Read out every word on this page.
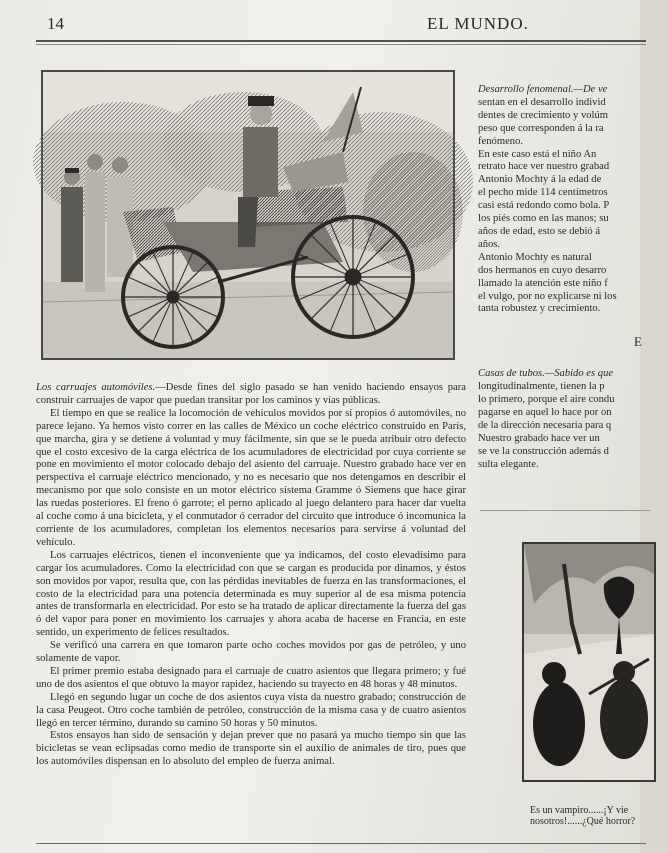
14	EL MUNDO.

Los carruajes automóviles.—Desde fines del siglo pasado se han venido haciendo ensayos para construir carruajes de vapor que puedan transitar por los caminos y vías públicas.

El tiempo en que se realice la locomoción de vehículos movidos por sí propios ó automóviles, no parece lejano. Ya hemos visto correr en las calles de México un coche eléctrico construido en París, que marcha, gira y se detiene á voluntad y muy fácilmente, sin que se le pueda atribuir otro defecto que el costo excesivo de la carga eléctrica de los acumuladores de electricidad por cuya corriente se pone en movimiento el motor colocado debajo del asiento del carruaje. Nuestro grabado hace ver en perspectiva el carruaje eléctrico mencionado, y no es necesario que nos detengamos en describir el mecanismo por que solo consiste en un motor eléctrico sistema Gramme ó Siemens que hace girar las ruedas posteriores. El freno ó garrote; el perno aplicado al juego delantero para hacer dar vuelta al coche como á una bicicleta, y el conmutador ó cerrador del circuito que introduce ó incomunica la corriente de los acumuladores, completan los elementos necesarios para servirse á voluntad del vehículo.

Los carruajes eléctricos, tienen el inconveniente que ya indicamos, del costo elevadísimo para cargar los acumuladores. Como la electricidad con que se cargan es producida por dinamos, y éstos son movidos por vapor, resulta que, con las pérdidas inevitables de fuerza en las transformaciones, el costo de la electricidad para una potencia determinada es muy superior al de esa misma potencia antes de transformarla en electricidad. Por esto se ha tratado de aplicar directamente la fuerza del gas ó del vapor para poner en movimiento los carruajes y ahora acaba de hacerse en Francia, en este sentido, un experimento de felices resultados.

Se verificó una carrera en que tomaron parte ocho coches movidos por gas de petróleo, y uno solamente de vapor.

El primer premio estaba designado para el carruaje de cuatro asientos que llegara primero; y fué uno de dos asientos el que obtuvo la mayor rapidez, haciendo su trayecto en 48 horas y 48 minutos.

Llegó en segundo lugar un coche de dos asientos cuya vista da nuestro grabado; construcción de la casa Peugeot. Otro coche también de petróleo, construcción de la misma casa y de cuatro asientos llegó en tercer término, durando su camino 50 horas y 50 minutos.

Estos ensayos han sido de sensación y dejan prever que no pasará ya mucho tiempo sin que las bicicletas se vean eclipsadas como medio de transporte sin el auxilio de animales de tiro, pues que los automóviles dispensan en lo absoluto del empleo de fuerza animal.

Desarrollo fenomenal.—De ve
sentan en el desarrollo individ
dentes de crecimiento y volúm
peso que corresponden á la ra
fenómeno.
En este caso está el niño An
retrato hace ver nuestro grabad
Antonio Mochty á la edad de
el pecho mide 114 centímetros
casi está redondo como bola. P
los piés como en las manos; su
años de edad, esto se debió á
años.
Antonio Mochty es natural
dos hermanos en cuyo desarro
llamado la atención este niño f
el vulgo, por no explicarse ni los
tanta robustez y crecimiento.
E
Casas de tubos.—Sabido es que
longitudinalmente, tienen la p
lo primero, porque el aire condu
pagarse en aquel lo hace por on
de la dirección necesaria para q
Nuestro grabado hace ver un
se ve la construcción además d
sulta elegante.
Es un vampiro......¡Y vie
nosotros!......¿Qué horror?
